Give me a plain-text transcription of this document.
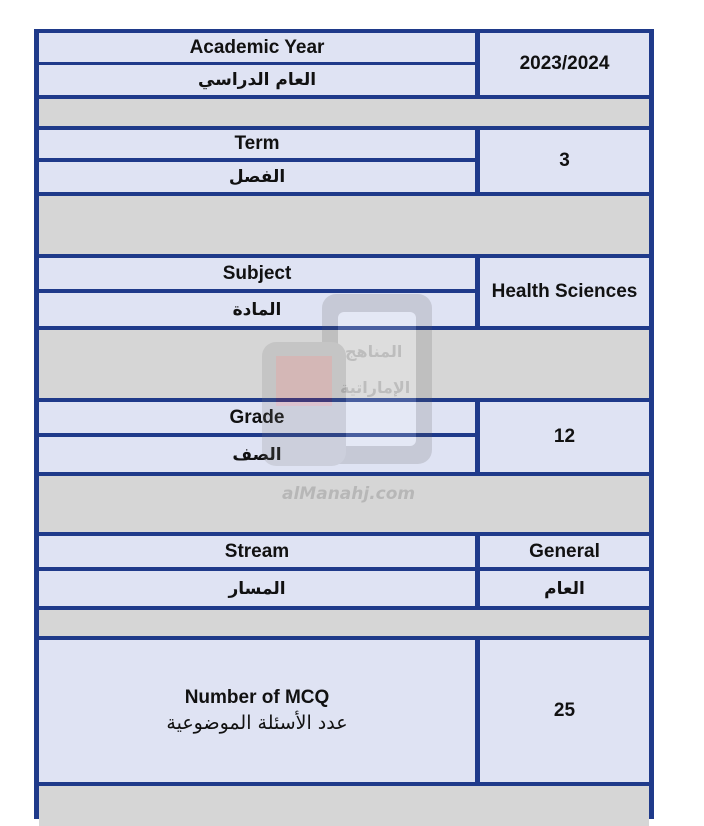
Academic Year
العام الدراسي
2023/2024
Term
الفصل
3
Subject
المادة
Health Sciences
Grade
الصف
12
Stream
المسار
General
العام
Number of MCQ
عدد الأسئلة الموضوعية
25
المناهج
الإماراتية
alManahj.com
